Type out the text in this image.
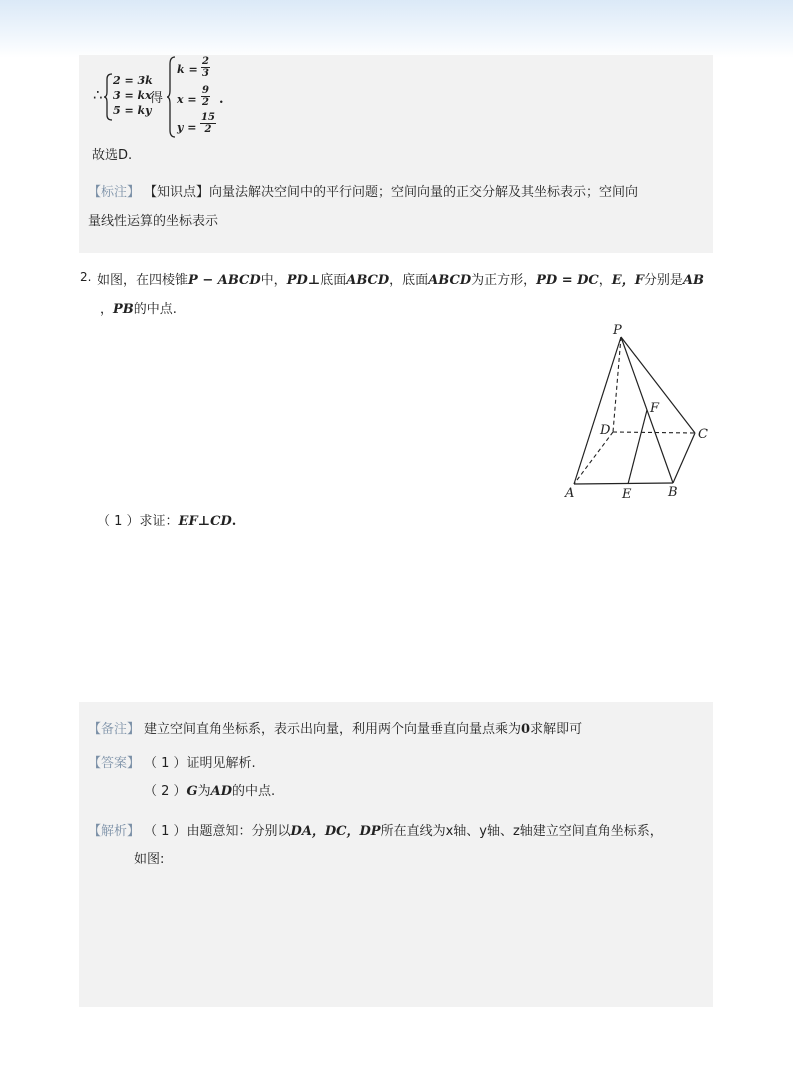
∴
2 = 3k
3 = kx
5 = ky
得
$k = \frac{2}{3}$
$x = \frac{9}{2}$ .
$y = \frac{15}{2}$
故选D.
【标注】 【知识点】向量法解决空间中的平行问题；空间向量的正交分解及其坐标表示；空间向
量线性运算的坐标表示
2. 如图，在四棱锥P − ABCD中，PD⊥底面ABCD，底面ABCD为正方形，PD = DC，E，F分别是AB
，PB的中点.
P
F
D	C
A	E	B
（ 1 ）求证：EF⊥CD.
【备注】 建立空间直角坐标系，表示出向量，利用两个向量垂直向量点乘为0求解即可
【答案】 （ 1 ）证明见解析.
（ 2 ）G为AD的中点.
【解析】 （ 1 ）由题意知：分别以DA，DC，DP所在直线为x轴、y轴、z轴建立空间直角坐标系，
如图:
